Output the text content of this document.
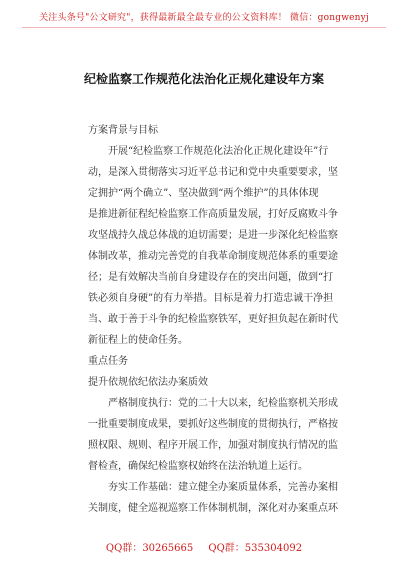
关注头条号"公文研究"，获得最新最全最专业的公文资料库！ 微信：gongwenyj
纪检监察工作规范化法治化正规化建设年方案

方案背景与目标

开展“纪检监察工作规范化法治化正规化建设年”行
动，是深入贯彻落实习近平总书记和党中央重要要求，坚
定拥护“两个确立”、坚决做到“两个维护”的具体体现
是推进新征程纪检监察工作高质量发展，打好反腐败斗争
攻坚战持久战总体战的迫切需要；是进一步深化纪检监察
体制改革，推动完善党的自我革命制度规范体系的重要途
径；是有效解决当前自身建设存在的突出问题，做到“打
铁必须自身硬”的有力举措。目标是着力打造忠诚干净担
当、敢于善于斗争的纪检监察铁军，更好担负起在新时代
新征程上的使命任务。

重点任务

提升依规依纪依法办案质效

严格制度执行：党的二十大以来，纪检监察机关形成
一批重要制度成果，要抓好这些制度的贯彻执行，严格按
照权限、规则、程序开展工作，加强对制度执行情况的监
督检查，确保纪检监察权始终在法治轨道上运行。
夯实工作基础：建立健全办案质量体系，完善办案相
关制度，健全巡视巡察工作体制机制，深化对办案重点环
QQ群：30265665 QQ群：535304092
